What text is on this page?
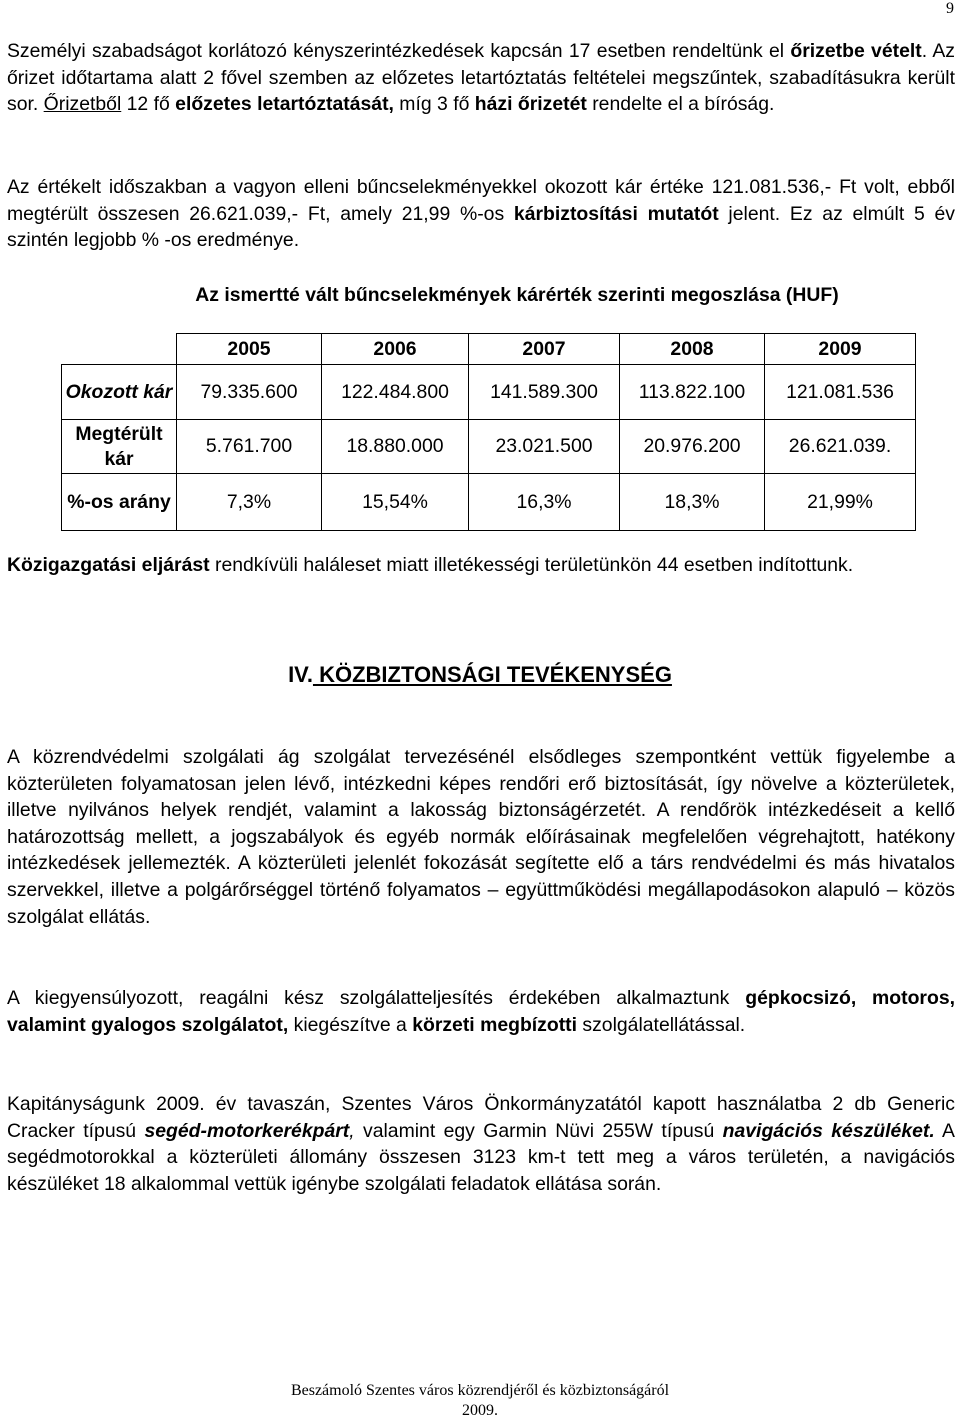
9

Személyi szabadságot korlátozó kényszerintézkedések kapcsán 17 esetben rendeltünk el őrizetbe vételt. Az őrizet időtartama alatt 2 fővel szemben az előzetes letartóztatás feltételei megszűntek, szabadításukra került sor. Őrizetből 12 fő előzetes letartóztatását, míg 3 fő házi őrizetét rendelte el a bíróság.

Az értékelt időszakban a vagyon elleni bűncselekményekkel okozott kár értéke 121.081.536,- Ft volt, ebből megtérült összesen 26.621.039,- Ft, amely 21,99 %-os kárbiztosítási mutatót jelent. Ez az elmúlt 5 év szintén legjobb % -os eredménye.

Az ismertté vált bűncselekmények kárérték szerinti megoszlása (HUF)
	2005	2006	2007	2008	2009
Okozott kár	79.335.600	122.484.800	141.589.300	113.822.100	121.081.536
Megtérült kár	5.761.700	18.880.000	23.021.500	20.976.200	26.621.039.
%-os arány	7,3%	15,54%	16,3%	18,3%	21,99%

Közigazgatási eljárást rendkívüli haláleset miatt illetékességi területünkön 44 esetben indítottunk.

IV. KÖZBIZTONSÁGI TEVÉKENYSÉG

A közrendvédelmi szolgálati ág szolgálat tervezésénél elsődleges szempontként vettük figyelembe a közterületen folyamatosan jelen lévő, intézkedni képes rendőri erő biztosítását, így növelve a közterületek, illetve nyilvános helyek rendjét, valamint a lakosság biztonságérzetét. A rendőrök intézkedéseit a kellő határozottság mellett, a jogszabályok és egyéb normák előírásainak megfelelően végrehajtott, hatékony intézkedések jellemezték. A közterületi jelenlét fokozását segítette elő a társ rendvédelmi és más hivatalos szervekkel, illetve a polgárőrséggel történő folyamatos – együttműködési megállapodásokon alapuló – közös szolgálat ellátás.

A kiegyensúlyozott, reagálni kész szolgálatteljesítés érdekében alkalmaztunk gépkocsizó, motoros, valamint gyalogos szolgálatot, kiegészítve a körzeti megbízotti szolgálatellátással.

Kapitányságunk 2009. év tavaszán, Szentes Város Önkormányzatától kapott használatba 2 db Generic Cracker típusú segéd-motorkerékpárt, valamint egy Garmin Nüvi 255W típusú navigációs készüléket. A segédmotorokkal a közterületi állomány összesen 3123 km-t tett meg a város területén, a navigációs készüléket 18 alkalommal vettük igénybe szolgálati feladatok ellátása során.

Beszámoló Szentes város közrendjéről és közbiztonságáról
2009.
